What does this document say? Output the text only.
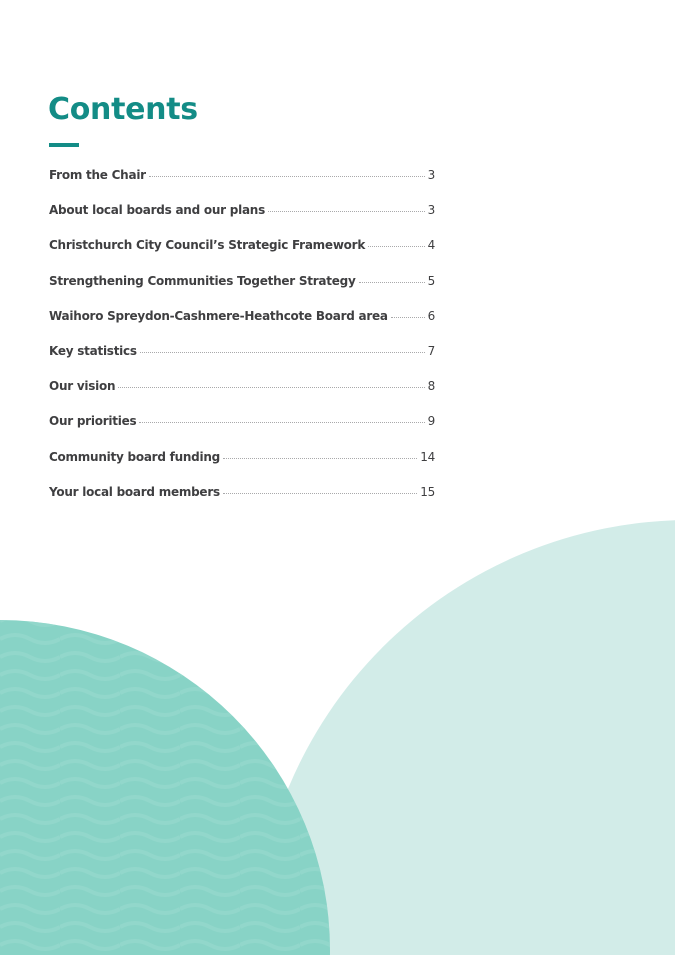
Contents
From the Chair	3
About local boards and our plans	3
Christchurch City Council’s Strategic Framework	4
Strengthening Communities Together Strategy	5
Waihoro Spreydon-Cashmere-Heathcote Board area	6
Key statistics	7
Our vision	8
Our priorities	9
Community board funding	14
Your local board members	15
